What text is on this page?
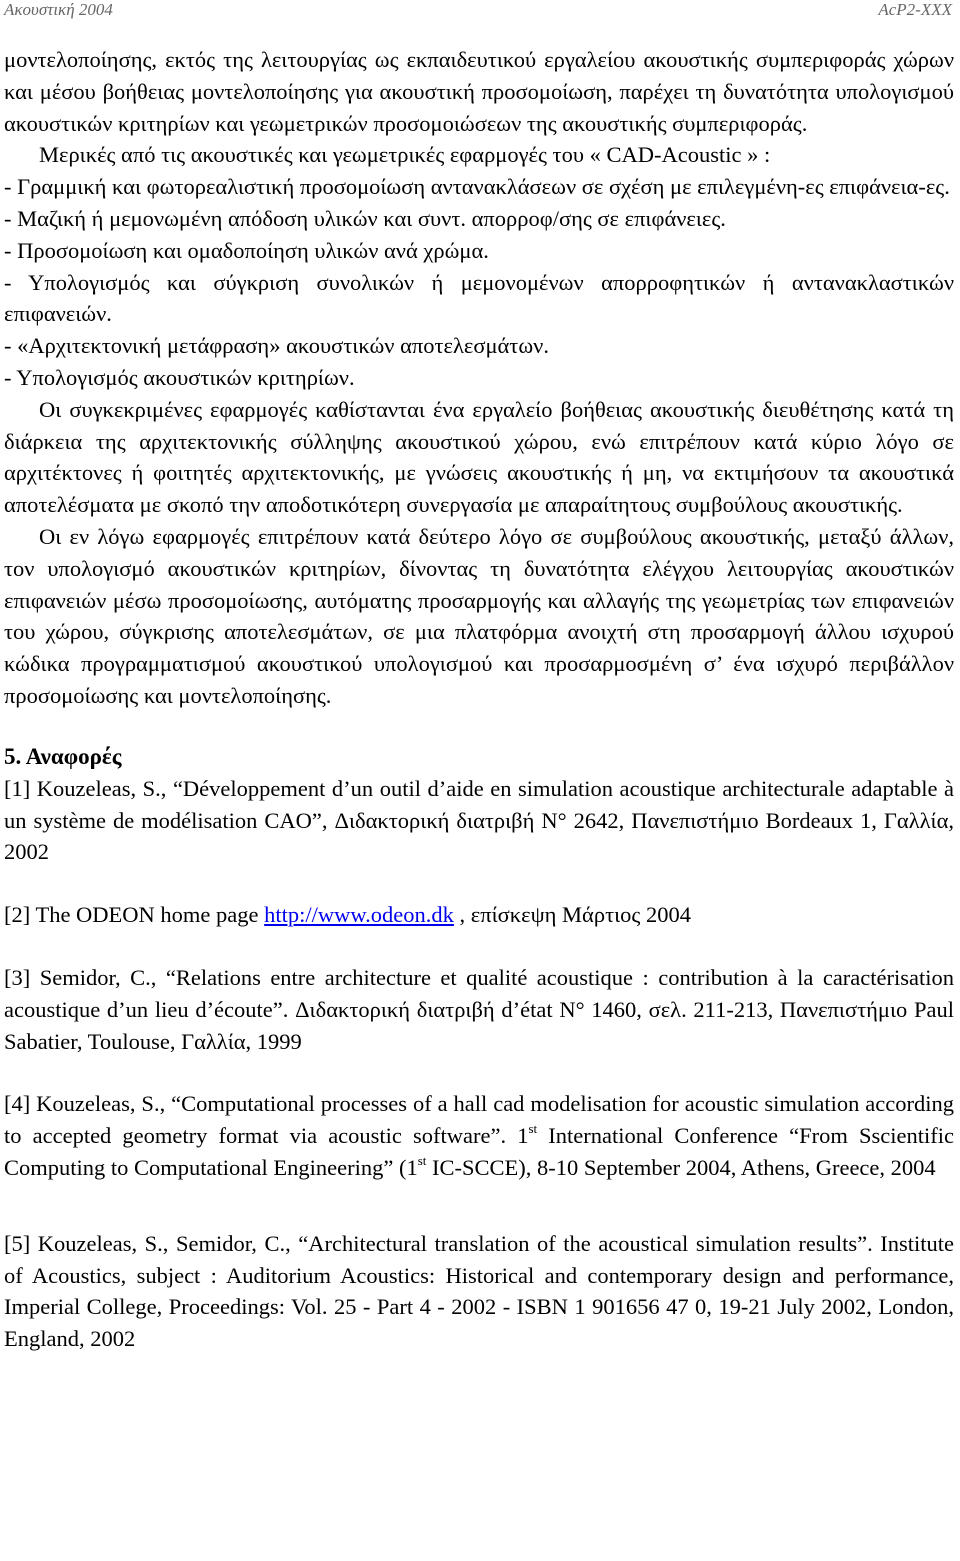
Ακουστική 2004	AcP2-XXX

μοντελοποίησης, εκτός της λειτουργίας ως εκπαιδευτικού εργαλείου ακουστικής συμπεριφοράς χώρων και μέσου βοήθειας μοντελοποίησης για ακουστική προσομοίωση, παρέχει τη δυνατότητα υπολογισμού ακουστικών κριτηρίων και γεωμετρικών προσομοιώσεων της ακουστικής συμπεριφοράς.

Μερικές από τις ακουστικές και γεωμετρικές εφαρμογές του « CAD-Acoustic » :

- Γραμμική και φωτορεαλιστική προσομοίωση αντανακλάσεων σε σχέση με επιλεγμένη-ες επιφάνεια-ες.

- Μαζική ή μεμονωμένη απόδοση υλικών και συντ. απορροφ/σης σε επιφάνειες.

- Προσομοίωση και ομαδοποίηση υλικών ανά χρώμα.

- Υπολογισμός και σύγκριση συνολικών ή μεμονομένων απορροφητικών ή αντανακλαστικών επιφανειών.

- «Αρχιτεκτονική μετάφραση» ακουστικών αποτελεσμάτων.

- Υπολογισμός ακουστικών κριτηρίων.

Οι συγκεκριμένες εφαρμογές καθίστανται ένα εργαλείο βοήθειας ακουστικής διευθέτησης κατά τη διάρκεια της αρχιτεκτονικής σύλληψης ακουστικού χώρου, ενώ επιτρέπουν κατά κύριο λόγο σε αρχιτέκτονες ή φοιτητές αρχιτεκτονικής, με γνώσεις ακουστικής ή μη, να εκτιμήσουν τα ακουστικά αποτελέσματα με σκοπό την αποδοτικότερη συνεργασία με απαραίτητους συμβούλους ακουστικής.

Οι εν λόγω εφαρμογές επιτρέπουν κατά δεύτερο λόγο σε συμβούλους ακουστικής, μεταξύ άλλων, τον υπολογισμό ακουστικών κριτηρίων, δίνοντας τη δυνατότητα ελέγχου λειτουργίας ακουστικών επιφανειών μέσω προσομοίωσης, αυτόματης προσαρμογής και αλλαγής της γεωμετρίας των επιφανειών του χώρου, σύγκρισης αποτελεσμάτων, σε μια πλατφόρμα ανοιχτή στη προσαρμογή άλλου ισχυρού κώδικα προγραμματισμού ακουστικού υπολογισμού και προσαρμοσμένη σ’ ένα ισχυρό περιβάλλον προσομοίωσης και μοντελοποίησης.

5. Αναφορές

[1] Kouzeleas, S., “Développement d’un outil d’aide en simulation acoustique architecturale adaptable à un système de modélisation CAO”, Διδακτορική διατριβή N° 2642, Πανεπιστήμιο Bordeaux 1, Γαλλία, 2002

[2] The ODEON home page http://www.odeon.dk , επίσκεψη Μάρτιος 2004

[3] Semidor, C., “Relations entre architecture et qualité acoustique : contribution à la caractérisation acoustique d’un lieu d’écoute”. Διδακτορική διατριβή d’état N° 1460, σελ. 211-213, Πανεπιστήμιο Paul Sabatier, Toulouse, Γαλλία, 1999

[4] Kouzeleas, S., “Computational processes of a hall cad modelisation for acoustic simulation according to accepted geometry format via acoustic software”. 1st International Conference “From Sscientific Computing to Computational Engineering” (1st IC-SCCE), 8-10 September 2004, Athens, Greece, 2004

[5] Kouzeleas, S., Semidor, C., “Architectural translation of the acoustical simulation results”. Institute of Acoustics, subject : Auditorium Acoustics: Historical and contemporary design and performance, Imperial College, Proceedings: Vol. 25 - Part 4 - 2002 - ISBN 1 901656 47 0, 19-21 July 2002, London, England, 2002
